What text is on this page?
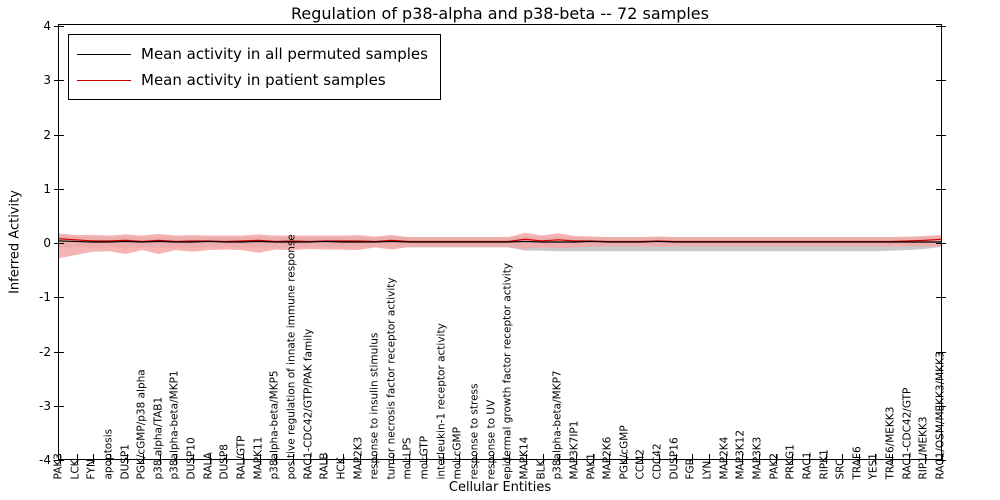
Regulation of p38-alpha and p38-beta -- 72 samples
Inferred Activity
-4
-3
-2
-1
0
1
2
3
4
PAK3 LCK FYN apoptosis DUSP1 PGK/cGMP/p38 alpha p38 alpha/TAB1 p38alpha-beta/MKP1 DUSP10 RALA DUSP8 RAL/GTP MAPK11 p38alpha-beta/MKP5 positive regulation of innate immune response RAC1-CDC42/GTP/PAK family RALB HCK MAP2K3 response to insulin stimulus tumor necrosis factor receptor activity mol:LPS mol:GTP interleukin-1 receptor activity mol:cGMP response to stress response to UV epidermal growth factor receptor activity MAPK14 BLK p38alpha-beta/MKP7 MAP3K7IP1 PAK1 MAP2K6 PGK/cGMP CCM2 CDC42 DUSP16 FGR LYN MAP2K4 MAP3K12 MAP3K3 PAK2 PRKG1 RAC1 RIPK1 SRC TRAF6 YES1 TRAF6/MEKK3 RAC1-CDC42/GTP RIP1/MEKK3 RAC1/OSM/MEKK3/MKK3
Mean activity in all permuted samples
Mean activity in patient samples
Cellular Entities
